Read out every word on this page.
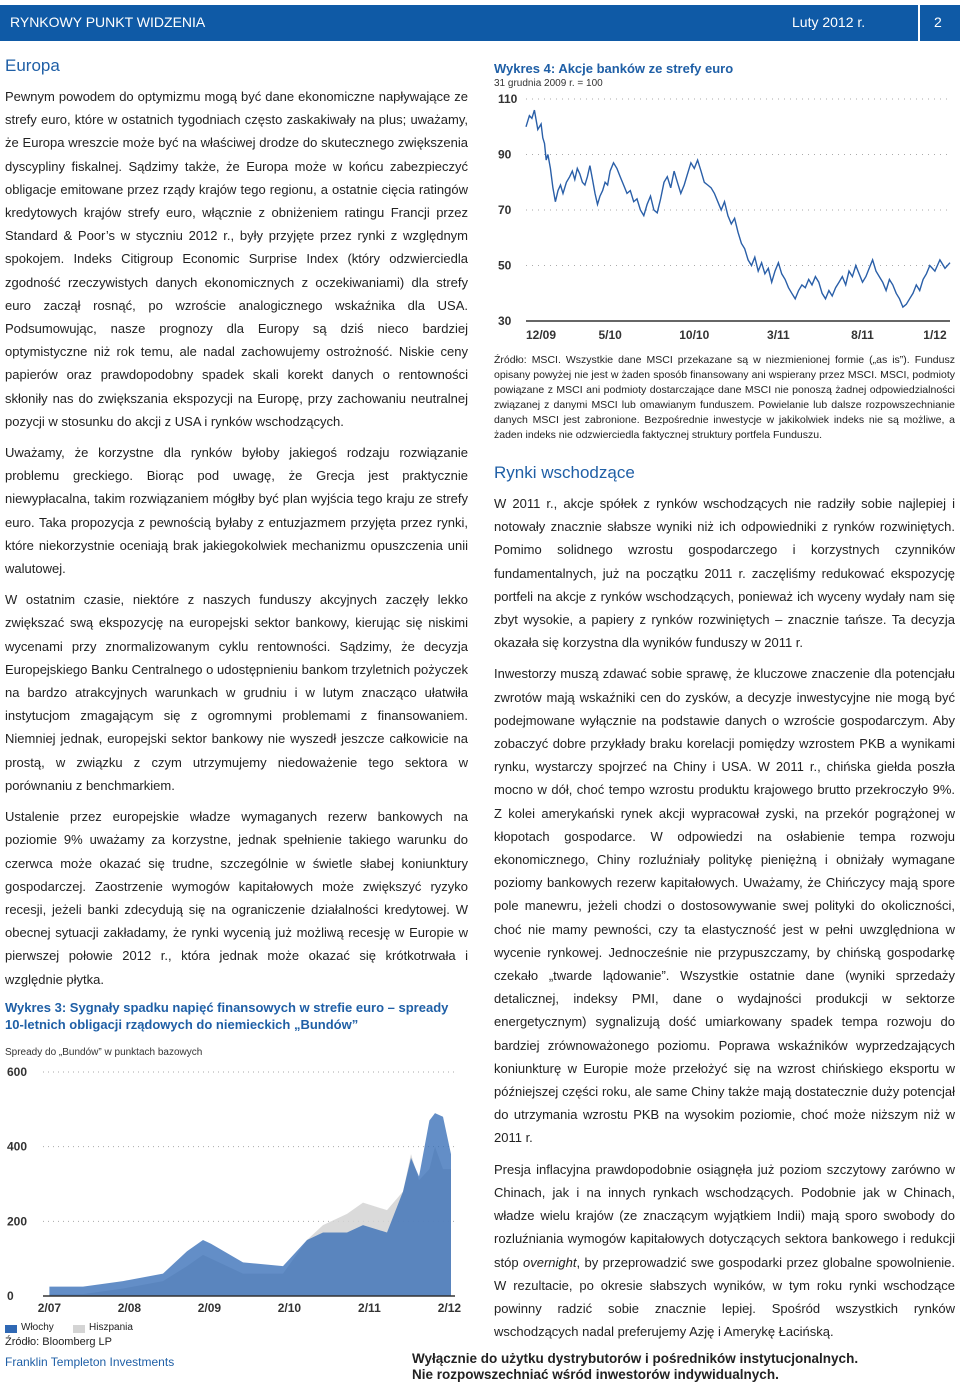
RYNKOWY PUNKT WIDZENIA	Luty 2012 r.	2
Europa

Pewnym powodem do optymizmu mogą być dane ekonomiczne napływające ze strefy euro, które w ostatnich tygodniach często zaskakiwały na plus; uważamy, że Europa wreszcie może być na właściwej drodze do skutecznego zwiększenia dyscypliny fiskalnej. Sądzimy także, że Europa może w końcu zabezpieczyć obligacje emitowane przez rządy krajów tego regionu, a ostatnie cięcia ratingów kredytowych krajów strefy euro, włącznie z obniżeniem ratingu Francji przez Standard & Poor’s w styczniu 2012 r., były przyjęte przez rynki z względnym spokojem. Indeks Citigroup Economic Surprise Index (który odzwierciedla zgodność rzeczywistych danych ekonomicznych z oczekiwaniami) dla strefy euro zaczął rosnąć, po wzroście analogicznego wskaźnika dla USA. Podsumowując, nasze prognozy dla Europy są dziś nieco bardziej optymistyczne niż rok temu, ale nadal zachowujemy ostrożność. Niskie ceny papierów oraz prawdopodobny spadek skali korekt danych o rentowności skłoniły nas do zwiększania ekspozycji na Europę, przy zachowaniu neutralnej pozycji w stosunku do akcji z USA i rynków wschodzących.

Uważamy, że korzystne dla rynków byłoby jakiegoś rodzaju rozwiązanie problemu greckiego. Biorąc pod uwagę, że Grecja jest praktycznie niewypłacalna, takim rozwiązaniem mógłby być plan wyjścia tego kraju ze strefy euro. Taka propozycja z pewnością byłaby z entuzjazmem przyjęta przez rynki, które niekorzystnie oceniają brak jakiegokolwiek mechanizmu opuszczenia unii walutowej.

W ostatnim czasie, niektóre z naszych funduszy akcyjnych zaczęły lekko zwiększać swą ekspozycję na europejski sektor bankowy, kierując się niskimi wycenami przy znormalizowanym cyklu rentowności. Sądzimy, że decyzja Europejskiego Banku Centralnego o udostępnieniu bankom trzyletnich pożyczek na bardzo atrakcyjnych warunkach w grudniu i w lutym znacząco ułatwiła instytucjom zmagającym się z ogromnymi problemami z finansowaniem. Niemniej jednak, europejski sektor bankowy nie wyszedł jeszcze całkowicie na prostą, w związku z czym utrzymujemy niedoważenie tego sektora w porównaniu z benchmarkiem.

Ustalenie przez europejskie władze wymaganych rezerw bankowych na poziomie 9% uważamy za korzystne, jednak spełnienie takiego warunku do czerwca może okazać się trudne, szczególnie w świetle słabej koniunktury gospodarczej. Zaostrzenie wymogów kapitałowych może zwiększyć ryzyko recesji, jeżeli banki zdecydują się na ograniczenie działalności kredytowej. W obecnej sytuacji zakładamy, że rynki wycenią już możliwą recesję w Europie w pierwszej połowie 2012 r., która jednak może okazać się krótkotrwała i względnie płytka.

Wykres 3: Sygnały spadku napięć finansowych w strefie euro – spready 10-letnich obligacji rządowych do niemieckich „Bundów”
Spready do „Bundów” w punktach bazowych
0
200
400
600
2/07	2/08	2/09	2/10	2/11	2/12
Włochy	Hiszpania
Źródło: Bloomberg LP
Wykres 4: Akcje banków ze strefy euro
31 grudnia 2009 r. = 100
30
50
70
90
110
12/09	5/10	10/10	3/11	8/11	1/12
Źródło: MSCI. Wszystkie dane MSCI przekazane są w niezmienionej formie („as is”). Fundusz opisany powyżej nie jest w żaden sposób finansowany ani wspierany przez MSCI. MSCI, podmioty powiązane z MSCI ani podmioty dostarczające dane MSCI nie ponoszą żadnej odpowiedzialności związanej z danymi MSCI lub omawianym funduszem. Powielanie lub dalsze rozpowszechnianie danych MSCI jest zabronione. Bezpośrednie inwestycje w jakikolwiek indeks nie są możliwe, a żaden indeks nie odzwierciedla faktycznej struktury portfela Funduszu.
Rynki wschodzące

W 2011 r., akcje spółek z rynków wschodzących nie radziły sobie najlepiej i notowały znacznie słabsze wyniki niż ich odpowiedniki z rynków rozwiniętych. Pomimo solidnego wzrostu gospodarczego i korzystnych czynników fundamentalnych, już na początku 2011 r. zaczęliśmy redukować ekspozycję portfeli na akcje z rynków wschodzących, ponieważ ich wyceny wydały nam się zbyt wysokie, a papiery z rynków rozwiniętych – znacznie tańsze. Ta decyzja okazała się korzystna dla wyników funduszy w 2011 r.

Inwestorzy muszą zdawać sobie sprawę, że kluczowe znaczenie dla potencjału zwrotów mają wskaźniki cen do zysków, a decyzje inwestycyjne nie mogą być podejmowane wyłącznie na podstawie danych o wzroście gospodarczym. Aby zobaczyć dobre przykłady braku korelacji pomiędzy wzrostem PKB a wynikami rynku, wystarczy spojrzeć na Chiny i USA. W 2011 r., chińska giełda poszła mocno w dół, choć tempo wzrostu produktu krajowego brutto przekroczyło 9%. Z kolei amerykański rynek akcji wypracował zyski, na przekór pogrążonej w kłopotach gospodarce. W odpowiedzi na osłabienie tempa rozwoju ekonomicznego, Chiny rozluźniały politykę pieniężną i obniżały wymagane poziomy bankowych rezerw kapitałowych. Uważamy, że Chińczycy mają spore pole manewru, jeżeli chodzi o dostosowywanie swej polityki do okoliczności, choć nie mamy pewności, czy ta elastyczność jest w pełni uwzględniona w wycenie rynkowej. Jednocześnie nie przypuszczamy, by chińską gospodarkę czekało „twarde lądowanie”. Wszystkie ostatnie dane (wyniki sprzedaży detalicznej, indeksy PMI, dane o wydajności produkcji w sektorze energetycznym) sygnalizują dość umiarkowany spadek tempa rozwoju do bardziej zrównoważonego poziomu. Poprawa wskaźników wyprzedzających koniunkturę w Europie może przełożyć się na wzrost chińskiego eksportu w późniejszej części roku, ale same Chiny także mają dostatecznie duży potencjał do utrzymania wzrostu PKB na wysokim poziomie, choć może niższym niż w 2011 r.

Presja inflacyjna prawdopodobnie osiągnęła już poziom szczytowy zarówno w Chinach, jak i na innych rynkach wschodzących. Podobnie jak w Chinach, władze wielu krajów (ze znaczącym wyjątkiem Indii) mają sporo swobody do rozluźniania wymogów kapitałowych dotyczących sektora bankowego i redukcji stóp overnight, by przeprowadzić swe gospodarki przez globalne spowolnienie. W rezultacie, po okresie słabszych wyników, w tym roku rynki wschodzące powinny radzić sobie znacznie lepiej. Spośród wszystkich rynków wschodzących nadal preferujemy Azję i Amerykę Łacińską.

Franklin Templeton Investments	Wyłącznie do użytku dystrybutorów i pośredników instytucjonalnych.
Nie rozpowszechniać wśród inwestorów indywidualnych.
